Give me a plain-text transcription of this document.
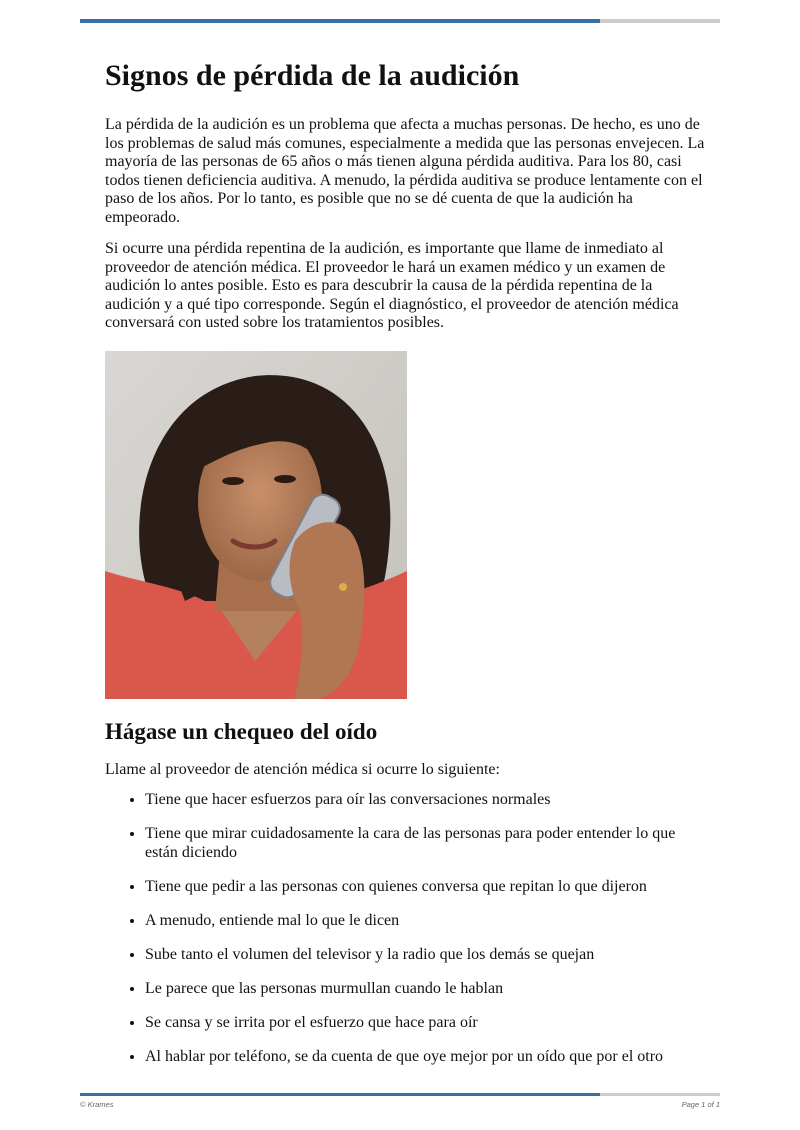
Signos de pérdida de la audición

La pérdida de la audición es un problema que afecta a muchas personas. De hecho, es uno de los problemas de salud más comunes, especialmente a medida que las personas envejecen. La mayoría de las personas de 65 años o más tienen alguna pérdida auditiva. Para los 80, casi todos tienen deficiencia auditiva. A menudo, la pérdida auditiva se produce lentamente con el paso de los años. Por lo tanto, es posible que no se dé cuenta de que la audición ha empeorado.

Si ocurre una pérdida repentina de la audición, es importante que llame de inmediato al proveedor de atención médica. El proveedor le hará un examen médico y un examen de audición lo antes posible. Esto es para descubrir la causa de la pérdida repentina de la audición y a qué tipo corresponde. Según el diagnóstico, el proveedor de atención médica conversará con usted sobre los tratamientos posibles.

Hágase un chequeo del oído

Llame al proveedor de atención médica si ocurre lo siguiente:

• Tiene que hacer esfuerzos para oír las conversaciones normales
• Tiene que mirar cuidadosamente la cara de las personas para poder entender lo que están diciendo
• Tiene que pedir a las personas con quienes conversa que repitan lo que dijeron
• A menudo, entiende mal lo que le dicen
• Sube tanto el volumen del televisor y la radio que los demás se quejan
• Le parece que las personas murmullan cuando le hablan
• Se cansa y se irrita por el esfuerzo que hace para oír
• Al hablar por teléfono, se da cuenta de que oye mejor por un oído que por el otro
© Krames	Page 1 of 1
